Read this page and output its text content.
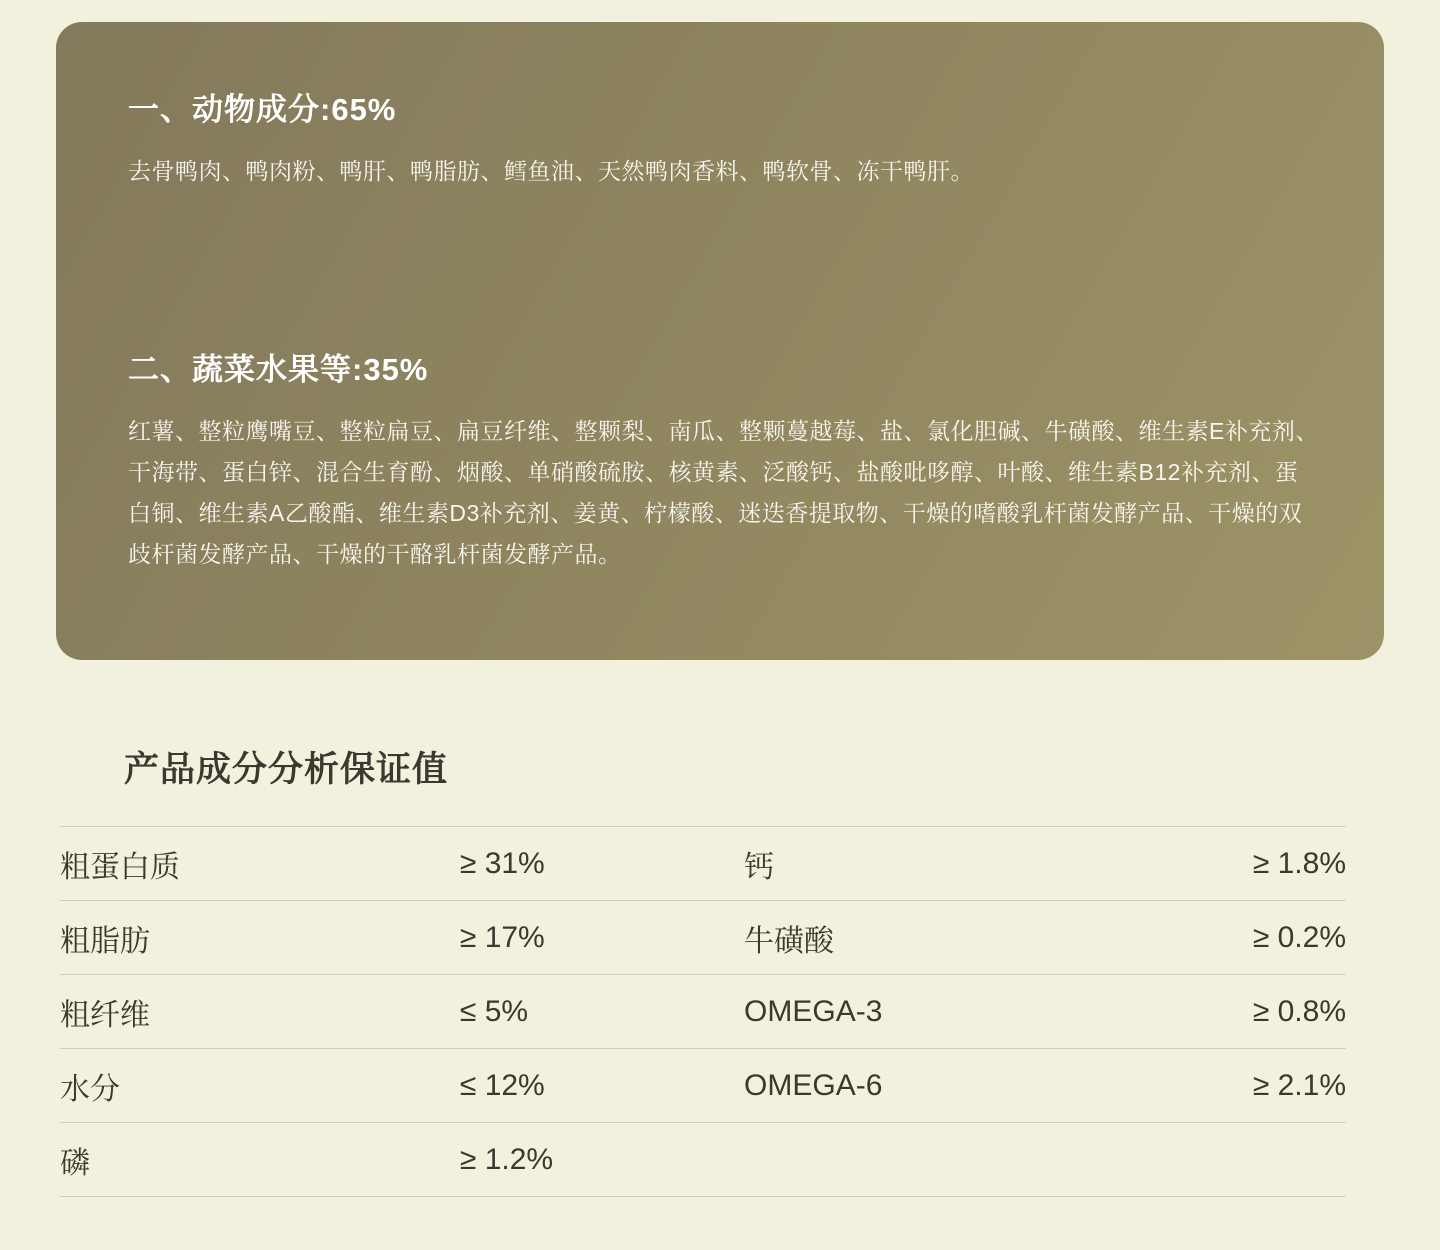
一、动物成分:65%

去骨鸭肉、鸭肉粉、鸭肝、鸭脂肪、鳕鱼油、天然鸭肉香料、鸭软骨、冻干鸭肝。

二、蔬菜水果等:35%

红薯、整粒鹰嘴豆、整粒扁豆、扁豆纤维、整颗梨、南瓜、整颗蔓越莓、盐、氯化胆碱、牛磺酸、维生素E补充剂、干海带、蛋白锌、混合生育酚、烟酸、单硝酸硫胺、核黄素、泛酸钙、盐酸吡哆醇、叶酸、维生素B12补充剂、蛋白铜、维生素A乙酸酯、维生素D3补充剂、姜黄、柠檬酸、迷迭香提取物、干燥的嗜酸乳杆菌发酵产品、干燥的双歧杆菌发酵产品、干燥的干酪乳杆菌发酵产品。

产品成分分析保证值
粗蛋白质	≥ 31%	钙	≥ 1.8%
粗脂肪	≥ 17%	牛磺酸	≥ 0.2%
粗纤维	≤ 5%	OMEGA-3	≥ 0.8%
水分	≤ 12%	OMEGA-6	≥ 2.1%
磷	≥ 1.2%		
